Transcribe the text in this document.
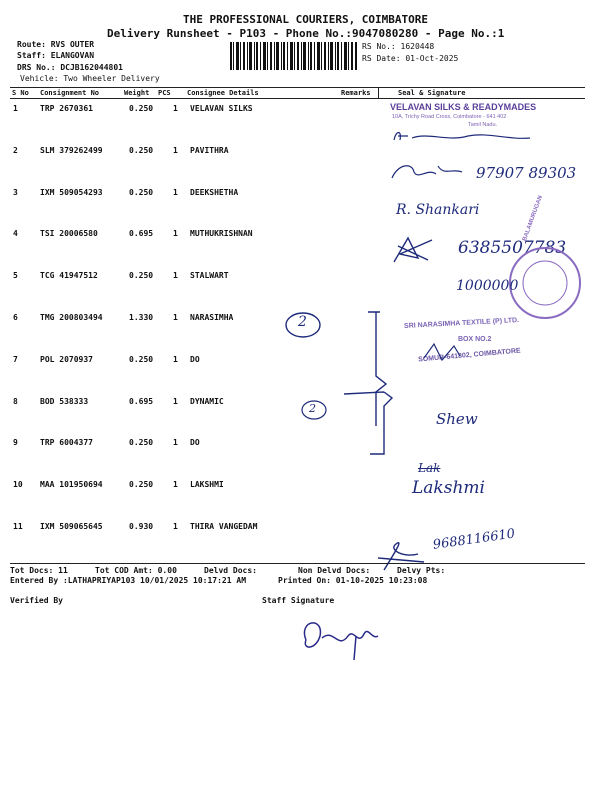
THE PROFESSIONAL COURIERS, COIMBATORE
Delivery Runsheet - P103 - Phone No.:9047080280 - Page No.:1
Route: RVS OUTER
Staff: ELANGOVAN
DRS No.: DCJB162044801
Vehicle: Two Wheeler Delivery
RS No.: 1620448
RS Date: 01-Oct-2025
S No Consignment No	Weight PCS Consignee Details	Remarks	Seal & Signature
1	TRP 2670361	0.250 1 VELAVAN SILKS
2	SLM 379262499	0.250 1 PAVITHRA
3	IXM 509054293	0.250 1 DEEKSHETHA
4	TSI 20006580	0.695 1 MUTHUKRISHNAN
5	TCG 41947512	0.250 1 STALWART
6	TMG 200803494	1.330 1 NARASIMHA
7	POL 2070937	0.250 1 DO
8	BOD 538333	0.695 1 DYNAMIC
9	TRP 6004377	0.250 1 DO
10 MAA 101950694	0.250 1 LAKSHMI
11 IXM 509065645	0.930 1 THIRA VANGEDAM
VELAVAN SILKS & READYMADES
10A, Trichy Road Cross, Coimbatore - 641 402
Tamil Nadu.
97907 89303
R. Shankari
6385507783
BALAMURUGAN
1000000
2	SRI NARASIMHA TEXTILE (P) LTD.
BOX NO.2
SOMUR-641802, COIMBATORE
2
Shew
Lak
Lakshmi
9688116610
Tot Docs: 11	Tot COD Amt: 0.00	Delvd Docs:	Non Delvd Docs:	Delvy Pts:
Entered By :LATHAPRIYAP103 10/01/2025 10:17:21 AM	Printed On: 01-10-2025 10:23:08
Verified By	Staff Signature
